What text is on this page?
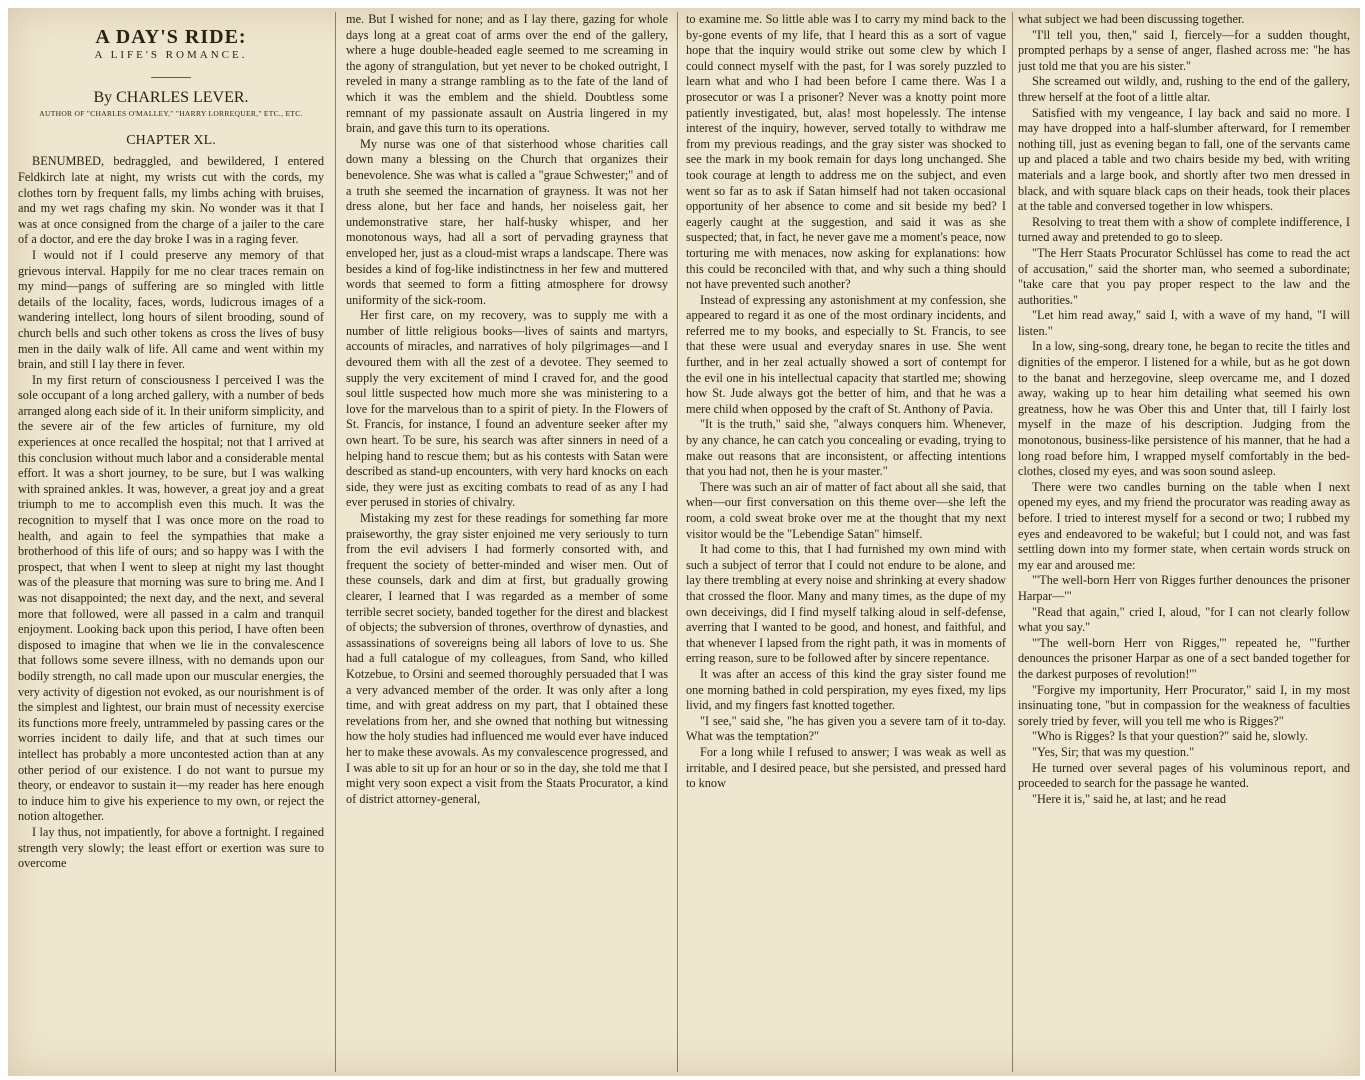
A DAY'S RIDE:
A LIFE'S ROMANCE.
By CHARLES LEVER.
AUTHOR OF "CHARLES O'MALLEY," "HARRY LORREQUER," ETC., ETC.
CHAPTER XL.

BENUMBED, bedraggled, and bewildered, I entered Feldkirch late at night, my wrists cut with the cords, my clothes torn by frequent falls, my limbs aching with bruises, and my wet rags chafing my skin. No wonder was it that I was at once consigned from the charge of a jailer to the care of a doctor, and ere the day broke I was in a raging fever.

I would not if I could preserve any memory of that grievous interval. Happily for me no clear traces remain on my mind—pangs of suffering are so mingled with little details of the locality, faces, words, ludicrous images of a wandering intellect, long hours of silent brooding, sound of church bells and such other tokens as cross the lives of busy men in the daily walk of life. All came and went within my brain, and still I lay there in fever.

In my first return of consciousness I perceived I was the sole occupant of a long arched gallery, with a number of beds arranged along each side of it. In their uniform simplicity, and the severe air of the few articles of furniture, my old experiences at once recalled the hospital; not that I arrived at this conclusion without much labor and a considerable mental effort. It was a short journey, to be sure, but I was walking with sprained ankles. It was, however, a great joy and a great triumph to me to accomplish even this much. It was the recognition to myself that I was once more on the road to health, and again to feel the sympathies that make a brotherhood of this life of ours; and so happy was I with the prospect, that when I went to sleep at night my last thought was of the pleasure that morning was sure to bring me. And I was not disappointed; the next day, and the next, and several more that followed, were all passed in a calm and tranquil enjoyment. Looking back upon this period, I have often been disposed to imagine that when we lie in the convalescence that follows some severe illness, with no demands upon our bodily strength, no call made upon our muscular energies, the very activity of digestion not evoked, as our nourishment is of the simplest and lightest, our brain must of necessity exercise its functions more freely, untrammeled by passing cares or the worries incident to daily life, and that at such times our intellect has probably a more uncontested action than at any other period of our existence. I do not want to pursue my theory, or endeavor to sustain it—my reader has here enough to induce him to give his experience to my own, or reject the notion altogether.

I lay thus, not impatiently, for above a fortnight. I regained strength very slowly; the least effort or exertion was sure to overcome

me. But I wished for none; and as I lay there, gazing for whole days long at a great coat of arms over the end of the gallery, where a huge double-headed eagle seemed to me screaming in the agony of strangulation, but yet never to be choked outright, I reveled in many a strange rambling as to the fate of the land of which it was the emblem and the shield. Doubtless some remnant of my passionate assault on Austria lingered in my brain, and gave this turn to its operations.

My nurse was one of that sisterhood whose charities call down many a blessing on the Church that organizes their benevolence. She was what is called a "graue Schwester;" and of a truth she seemed the incarnation of grayness. It was not her dress alone, but her face and hands, her noiseless gait, her undemonstrative stare, her half-husky whisper, and her monotonous ways, had all a sort of pervading grayness that enveloped her, just as a cloud-mist wraps a landscape. There was besides a kind of fog-like indistinctness in her few and muttered words that seemed to form a fitting atmosphere for drowsy uniformity of the sick-room.

Her first care, on my recovery, was to supply me with a number of little religious books—lives of saints and martyrs, accounts of miracles, and narratives of holy pilgrimages—and I devoured them with all the zest of a devotee. They seemed to supply the very excitement of mind I craved for, and the good soul little suspected how much more she was ministering to a love for the marvelous than to a spirit of piety. In the Flowers of St. Francis, for instance, I found an adventure seeker after my own heart. To be sure, his search was after sinners in need of a helping hand to rescue them; but as his contests with Satan were described as stand-up encounters, with very hard knocks on each side, they were just as exciting combats to read of as any I had ever perused in stories of chivalry.

Mistaking my zest for these readings for something far more praiseworthy, the gray sister enjoined me very seriously to turn from the evil advisers I had formerly consorted with, and frequent the society of better-minded and wiser men. Out of these counsels, dark and dim at first, but gradually growing clearer, I learned that I was regarded as a member of some terrible secret society, banded together for the direst and blackest of objects; the subversion of thrones, overthrow of dynasties, and assassinations of sovereigns being all labors of love to us. She had a full catalogue of my colleagues, from Sand, who killed Kotzebue, to Orsini and seemed thoroughly persuaded that I was a very advanced member of the order. It was only after a long time, and with great address on my part, that I obtained these revelations from her, and she owned that nothing but witnessing how the holy studies had influenced me would ever have induced her to make these avowals. As my convalescence progressed, and I was able to sit up for an hour or so in the day, she told me that I might very soon expect a visit from the Staats Procurator, a kind of district attorney-general,

to examine me. So little able was I to carry my mind back to the by-gone events of my life, that I heard this as a sort of vague hope that the inquiry would strike out some clew by which I could connect myself with the past, for I was sorely puzzled to learn what and who I had been before I came there. Was I a prosecutor or was I a prisoner? Never was a knotty point more patiently investigated, but, alas! most hopelessly. The intense interest of the inquiry, however, served totally to withdraw me from my previous readings, and the gray sister was shocked to see the mark in my book remain for days long unchanged. She took courage at length to address me on the subject, and even went so far as to ask if Satan himself had not taken occasional opportunity of her absence to come and sit beside my bed? I eagerly caught at the suggestion, and said it was as she suspected; that, in fact, he never gave me a moment's peace, now torturing me with menaces, now asking for explanations: how this could be reconciled with that, and why such a thing should not have prevented such another?

Instead of expressing any astonishment at my confession, she appeared to regard it as one of the most ordinary incidents, and referred me to my books, and especially to St. Francis, to see that these were usual and everyday snares in use. She went further, and in her zeal actually showed a sort of contempt for the evil one in his intellectual capacity that startled me; showing how St. Jude always got the better of him, and that he was a mere child when opposed by the craft of St. Anthony of Pavia.

"It is the truth," said she, "always conquers him. Whenever, by any chance, he can catch you concealing or evading, trying to make out reasons that are inconsistent, or affecting intentions that you had not, then he is your master."

There was such an air of matter of fact about all she said, that when—our first conversation on this theme over—she left the room, a cold sweat broke over me at the thought that my next visitor would be the "Lebendige Satan" himself.

It had come to this, that I had furnished my own mind with such a subject of terror that I could not endure to be alone, and lay there trembling at every noise and shrinking at every shadow that crossed the floor. Many and many times, as the dupe of my own deceivings, did I find myself talking aloud in self-defense, averring that I wanted to be good, and honest, and faithful, and that whenever I lapsed from the right path, it was in moments of erring reason, sure to be followed after by sincere repentance.

It was after an access of this kind the gray sister found me one morning bathed in cold perspiration, my eyes fixed, my lips livid, and my fingers fast knotted together.

"I see," said she, "he has given you a severe tarn of it to-day. What was the temptation?"

For a long while I refused to answer; I was weak as well as irritable, and I desired peace, but she persisted, and pressed hard to know

what subject we had been discussing together.

"I'll tell you, then," said I, fiercely—for a sudden thought, prompted perhaps by a sense of anger, flashed across me: "he has just told me that you are his sister."

She screamed out wildly, and, rushing to the end of the gallery, threw herself at the foot of a little altar.

Satisfied with my vengeance, I lay back and said no more. I may have dropped into a half-slumber afterward, for I remember nothing till, just as evening began to fall, one of the servants came up and placed a table and two chairs beside my bed, with writing materials and a large book, and shortly after two men dressed in black, and with square black caps on their heads, took their places at the table and conversed together in low whispers.

Resolving to treat them with a show of complete indifference, I turned away and pretended to go to sleep.

"The Herr Staats Procurator Schlüssel has come to read the act of accusation," said the shorter man, who seemed a subordinate; "take care that you pay proper respect to the law and the authorities."

"Let him read away," said I, with a wave of my hand, "I will listen."

In a low, sing-song, dreary tone, he began to recite the titles and dignities of the emperor. I listened for a while, but as he got down to the banat and herzegovine, sleep overcame me, and I dozed away, waking up to hear him detailing what seemed his own greatness, how he was Ober this and Unter that, till I fairly lost myself in the maze of his description. Judging from the monotonous, business-like persistence of his manner, that he had a long road before him, I wrapped myself comfortably in the bed-clothes, closed my eyes, and was soon sound asleep.

There were two candles burning on the table when I next opened my eyes, and my friend the procurator was reading away as before. I tried to interest myself for a second or two; I rubbed my eyes and endeavored to be wakeful; but I could not, and was fast settling down into my former state, when certain words struck on my ear and aroused me:

"'The well-born Herr von Rigges further denounces the prisoner Harpar—'"

"Read that again," cried I, aloud, "for I can not clearly follow what you say."

"'The well-born Herr von Rigges,'" repeated he, "'further denounces the prisoner Harpar as one of a sect banded together for the darkest purposes of revolution!'"

"Forgive my importunity, Herr Procurator," said I, in my most insinuating tone, "but in compassion for the weakness of faculties sorely tried by fever, will you tell me who is Rigges?"

"Who is Rigges? Is that your question?" said he, slowly.

"Yes, Sir; that was my question."

He turned over several pages of his voluminous report, and proceeded to search for the passage he wanted.

"Here it is," said he, at last; and he read
